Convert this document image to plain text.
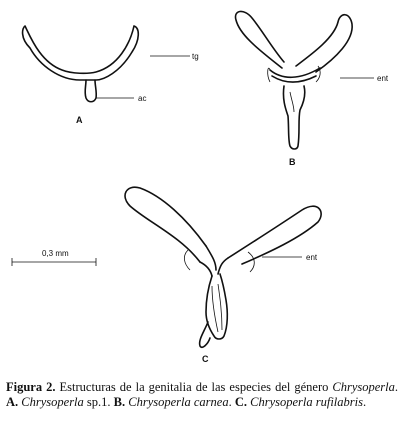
tg
ac
A
ent
B
0,3 mm	ent
C
Figura 2. Estructuras de la genitalia de las especies del género Chrysoperla. A. Chrysoperla sp.1. B. Chrysoperla carnea. C. Chrysoperla rufilabris.
